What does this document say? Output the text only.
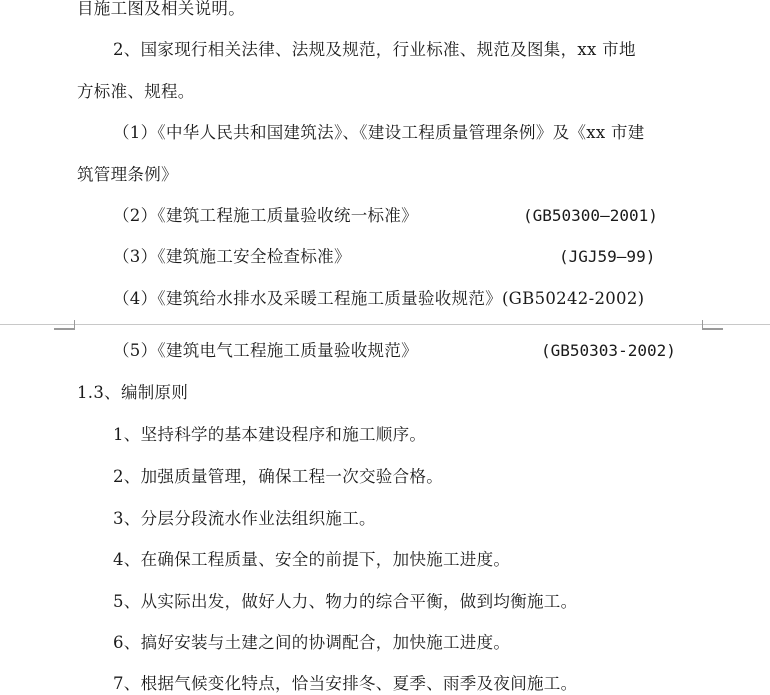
目施工图及相关说明。
2、国家现行相关法律、法规及规范，行业标准、规范及图集，xx 市地
方标准、规程。
（1）《中华人民共和国建筑法》、《建设工程质量管理条例》及《xx 市建
筑管理条例》
（2）《建筑工程施工质量验收统一标准》	(GB50300—2001)
（3）《建筑施工安全检查标准》	(JGJ59—99)
（4）《建筑给水排水及采暖工程施工质量验收规范》(GB50242-2002)
（5）《建筑电气工程施工质量验收规范》	(GB50303-2002)
1.3、编制原则
1、坚持科学的基本建设程序和施工顺序。
2、加强质量管理，确保工程一次交验合格。
3、分层分段流水作业法组织施工。
4、在确保工程质量、安全的前提下，加快施工进度。
5、从实际出发，做好人力、物力的综合平衡，做到均衡施工。
6、搞好安装与土建之间的协调配合，加快施工进度。
7、根据气候变化特点，恰当安排冬、夏季、雨季及夜间施工。
